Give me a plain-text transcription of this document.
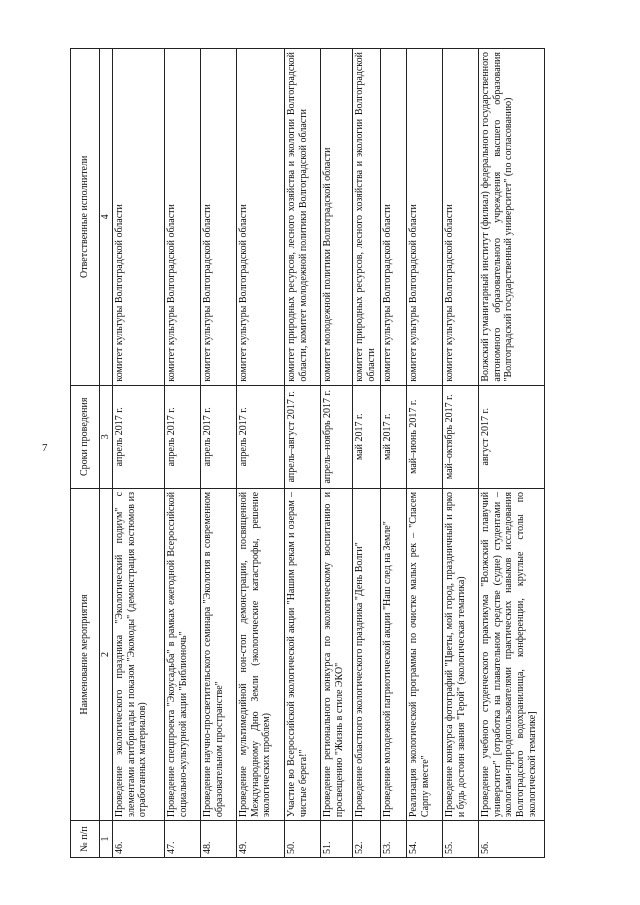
7
№ п/п	Наименование мероприятия	Сроки проведения	Ответственные исполнители
1	2	3	4
46.	Проведение экологического праздника "Экологический подиум" с элементами агитбригады и показом "Экомоды" (демонстрация костюмов из отработанных материалов)	апрель 2017 г.	комитет культуры Волгоградской области
47.	Проведение спецпроекта "Экоусадьба" в рамках ежегодной Всероссийской социально-культурной акции "Библионочь"	апрель 2017 г.	комитет культуры Волгоградской области
48.	Проведение научно-просветительского семинара "Экология в современном образовательном пространстве"	апрель 2017 г.	комитет культуры Волгоградской области
49.	Проведение мультимедийной нон-стоп демонстрации, посвященной Международному Дню Земли (экологические катастрофы, решение экологических проблем)	апрель 2017 г.	комитет культуры Волгоградской области
50.	Участие во Всероссийской экологической акции "Нашим рекам и озерам – чистые берега!"	апрель–август 2017 г.	комитет природных ресурсов, лесного хозяйства и экологии Волгоградской области, комитет молодежной политики Волгоградской области
51.	Проведение регионального конкурса по экологическому воспитанию и просвещению "Жизнь в стиле ЭКО"	апрель–ноябрь 2017 г.	комитет молодежной политики Волгоградской области
52.	Проведение областного экологического праздника "День Волги"	май 2017 г.	комитет природных ресурсов, лесного хозяйства и экологии Волгоградской области
53.	Проведение молодежной патриотической акции "Наш след на Земле"	май 2017 г.	комитет культуры Волгоградской области
54.	Реализация экологической программы по очистке малых рек – "Спасем Сарпу вместе"	май–июнь 2017 г.	комитет культуры Волгоградской области
55.	Проведение конкурса фотографий "Цветы, мой город, праздничный и ярко и будь достоин звания "Герой" (экологическая тематика)	май–октябрь 2017 г.	комитет культуры Волгоградской области
56.	Проведение учебного студенческого практикума "Волжский плавучий университет" [отработка на плавательном средстве (судне) студентами – экологами-природопользователями практических навыков исследования Волгоградского водохранилища, конференции, круглые столы по экологической тематике]	август 2017 г.	Волжский гуманитарный институт (филиал) федерального государственного автономного образовательного учреждения высшего образования "Волгоградский государственный университет" (по согласованию)
